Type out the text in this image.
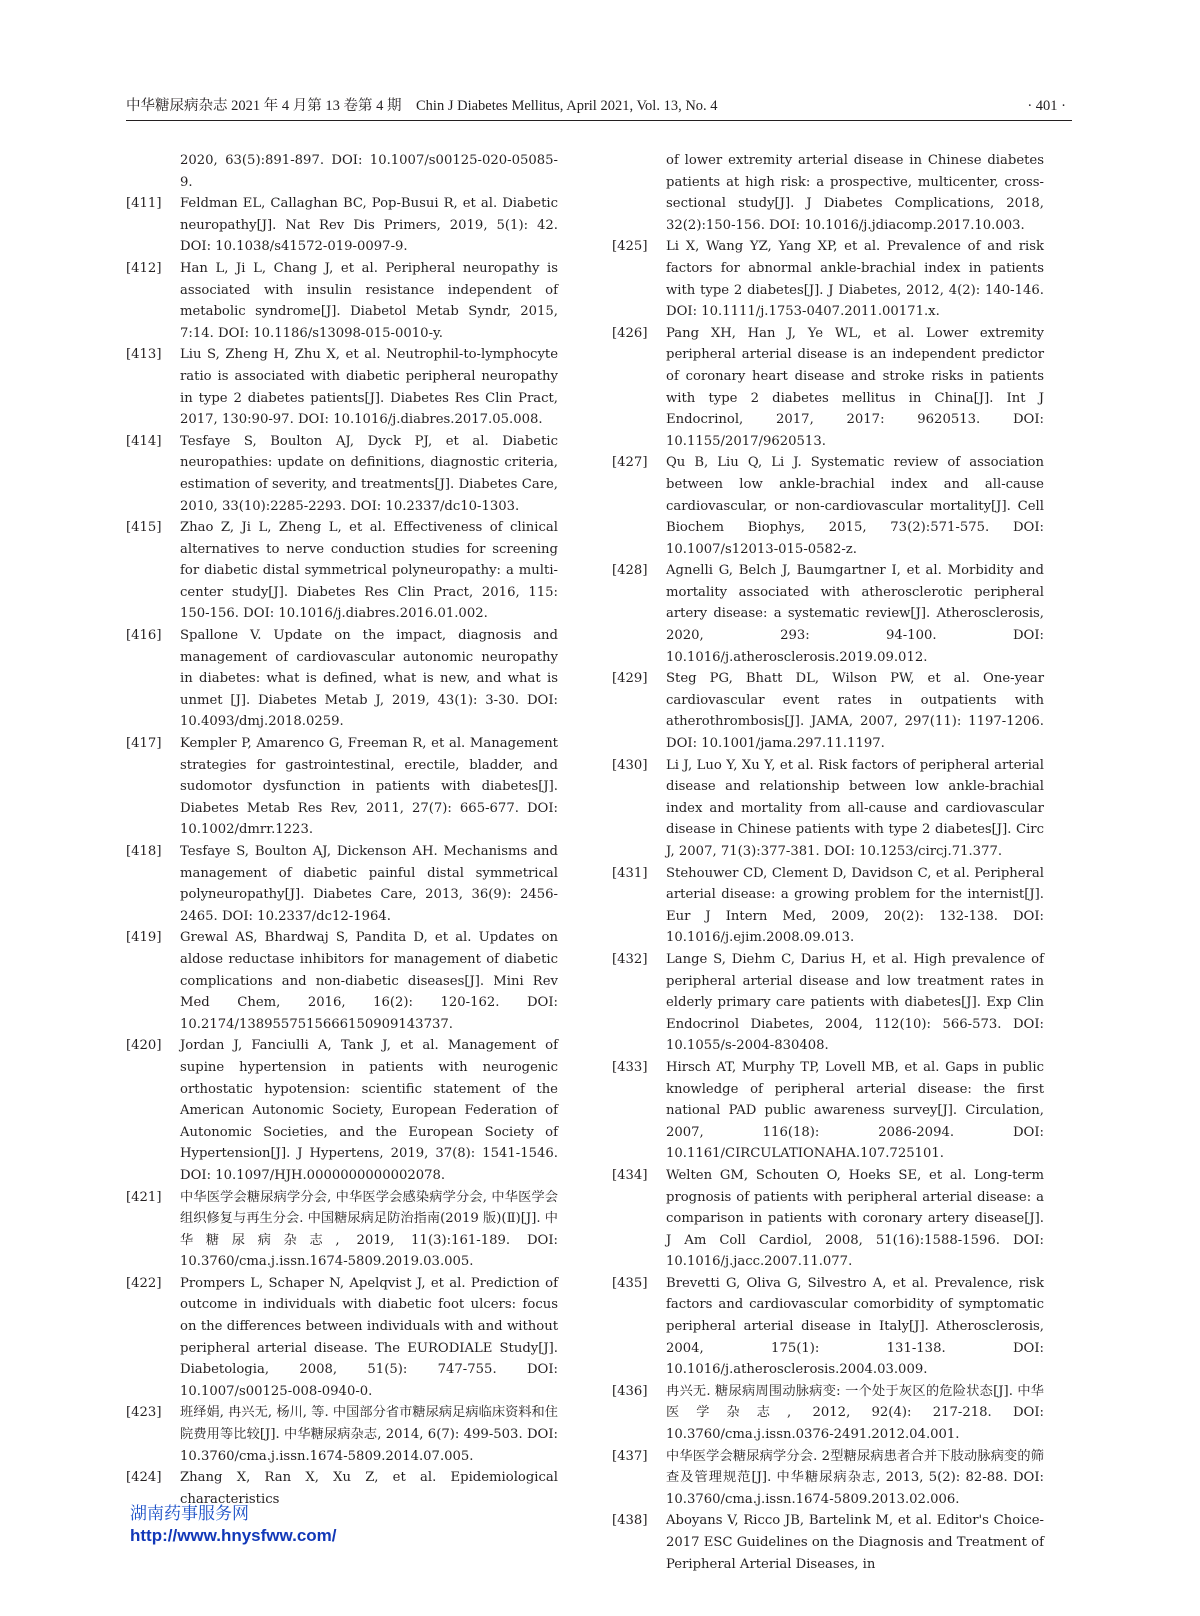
中华糖尿病杂志 2021 年 4 月第 13 卷第 4 期　Chin J Diabetes Mellitus, April 2021, Vol. 13, No. 4	· 401 ·
2020, 63(5):891-897. DOI: 10.1007/s00125-020-05085-9.
[411] Feldman EL, Callaghan BC, Pop-Busui R, et al. Diabetic neuropathy[J]. Nat Rev Dis Primers, 2019, 5(1): 42. DOI: 10.1038/s41572-019-0097-9.
[412] Han L, Ji L, Chang J, et al. Peripheral neuropathy is associated with insulin resistance independent of metabolic syndrome[J]. Diabetol Metab Syndr, 2015, 7:14. DOI: 10.1186/s13098-015-0010-y.
[413] Liu S, Zheng H, Zhu X, et al. Neutrophil-to-lymphocyte ratio is associated with diabetic peripheral neuropathy in type 2 diabetes patients[J]. Diabetes Res Clin Pract, 2017, 130:90-97. DOI: 10.1016/j.diabres.2017.05.008.
[414] Tesfaye S, Boulton AJ, Dyck PJ, et al. Diabetic neuropathies: update on definitions, diagnostic criteria, estimation of severity, and treatments[J]. Diabetes Care, 2010, 33(10):2285-2293. DOI: 10.2337/dc10-1303.
[415] Zhao Z, Ji L, Zheng L, et al. Effectiveness of clinical alternatives to nerve conduction studies for screening for diabetic distal symmetrical polyneuropathy: a multi-center study[J]. Diabetes Res Clin Pract, 2016, 115: 150-156. DOI: 10.1016/j.diabres.2016.01.002.
[416] Spallone V. Update on the impact, diagnosis and management of cardiovascular autonomic neuropathy in diabetes: what is defined, what is new, and what is unmet [J]. Diabetes Metab J, 2019, 43(1): 3-30. DOI: 10.4093/dmj.2018.0259.
[417] Kempler P, Amarenco G, Freeman R, et al. Management strategies for gastrointestinal, erectile, bladder, and sudomotor dysfunction in patients with diabetes[J]. Diabetes Metab Res Rev, 2011, 27(7): 665-677. DOI: 10.1002/dmrr.1223.
[418] Tesfaye S, Boulton AJ, Dickenson AH. Mechanisms and management of diabetic painful distal symmetrical polyneuropathy[J]. Diabetes Care, 2013, 36(9): 2456-2465. DOI: 10.2337/dc12-1964.
[419] Grewal AS, Bhardwaj S, Pandita D, et al. Updates on aldose reductase inhibitors for management of diabetic complications and non-diabetic diseases[J]. Mini Rev Med Chem, 2016, 16(2): 120-162. DOI: 10.2174/1389557515666150909143737.
[420] Jordan J, Fanciulli A, Tank J, et al. Management of supine hypertension in patients with neurogenic orthostatic hypotension: scientific statement of the American Autonomic Society, European Federation of Autonomic Societies, and the European Society of Hypertension[J]. J Hypertens, 2019, 37(8): 1541-1546. DOI: 10.1097/HJH.0000000000002078.
[421] 中华医学会糖尿病学分会, 中华医学会感染病学分会, 中华医学会组织修复与再生分会. 中国糖尿病足防治指南(2019 版)(Ⅱ)[J]. 中华糖尿病杂志, 2019, 11(3):161-189. DOI: 10.3760/cma.j.issn.1674-5809.2019.03.005.
[422] Prompers L, Schaper N, Apelqvist J, et al. Prediction of outcome in individuals with diabetic foot ulcers: focus on the differences between individuals with and without peripheral arterial disease. The EURODIALE Study[J]. Diabetologia, 2008, 51(5): 747-755. DOI: 10.1007/s00125-008-0940-0.
[423] 班绎娟, 冉兴无, 杨川, 等. 中国部分省市糖尿病足病临床资料和住院费用等比较[J]. 中华糖尿病杂志, 2014, 6(7): 499-503. DOI: 10.3760/cma.j.issn.1674-5809.2014.07.005.
[424] Zhang X, Ran X, Xu Z, et al. Epidemiological characteristics
of lower extremity arterial disease in Chinese diabetes patients at high risk: a prospective, multicenter, cross-sectional study[J]. J Diabetes Complications, 2018, 32(2):150-156. DOI: 10.1016/j.jdiacomp.2017.10.003.
[425] Li X, Wang YZ, Yang XP, et al. Prevalence of and risk factors for abnormal ankle-brachial index in patients with type 2 diabetes[J]. J Diabetes, 2012, 4(2): 140-146. DOI: 10.1111/j.1753-0407.2011.00171.x.
[426] Pang XH, Han J, Ye WL, et al. Lower extremity peripheral arterial disease is an independent predictor of coronary heart disease and stroke risks in patients with type 2 diabetes mellitus in China[J]. Int J Endocrinol, 2017, 2017: 9620513. DOI: 10.1155/2017/9620513.
[427] Qu B, Liu Q, Li J. Systematic review of association between low ankle-brachial index and all-cause cardiovascular, or non-cardiovascular mortality[J]. Cell Biochem Biophys, 2015, 73(2):571-575. DOI: 10.1007/s12013-015-0582-z.
[428] Agnelli G, Belch J, Baumgartner I, et al. Morbidity and mortality associated with atherosclerotic peripheral artery disease: a systematic review[J]. Atherosclerosis, 2020, 293: 94-100. DOI: 10.1016/j.atherosclerosis.2019.09.012.
[429] Steg PG, Bhatt DL, Wilson PW, et al. One-year cardiovascular event rates in outpatients with atherothrombosis[J]. JAMA, 2007, 297(11): 1197-1206. DOI: 10.1001/jama.297.11.1197.
[430] Li J, Luo Y, Xu Y, et al. Risk factors of peripheral arterial disease and relationship between low ankle-brachial index and mortality from all-cause and cardiovascular disease in Chinese patients with type 2 diabetes[J]. Circ J, 2007, 71(3):377-381. DOI: 10.1253/circj.71.377.
[431] Stehouwer CD, Clement D, Davidson C, et al. Peripheral arterial disease: a growing problem for the internist[J]. Eur J Intern Med, 2009, 20(2): 132-138. DOI: 10.1016/j.ejim.2008.09.013.
[432] Lange S, Diehm C, Darius H, et al. High prevalence of peripheral arterial disease and low treatment rates in elderly primary care patients with diabetes[J]. Exp Clin Endocrinol Diabetes, 2004, 112(10): 566-573. DOI: 10.1055/s-2004-830408.
[433] Hirsch AT, Murphy TP, Lovell MB, et al. Gaps in public knowledge of peripheral arterial disease: the first national PAD public awareness survey[J]. Circulation, 2007, 116(18): 2086-2094. DOI: 10.1161/CIRCULATIONAHA.107.725101.
[434] Welten GM, Schouten O, Hoeks SE, et al. Long-term prognosis of patients with peripheral arterial disease: a comparison in patients with coronary artery disease[J]. J Am Coll Cardiol, 2008, 51(16):1588-1596. DOI: 10.1016/j.jacc.2007.11.077.
[435] Brevetti G, Oliva G, Silvestro A, et al. Prevalence, risk factors and cardiovascular comorbidity of symptomatic peripheral arterial disease in Italy[J]. Atherosclerosis, 2004, 175(1): 131-138. DOI: 10.1016/j.atherosclerosis.2004.03.009.
[436] 冉兴无. 糖尿病周围动脉病变: 一个处于灰区的危险状态[J]. 中华医学杂志, 2012, 92(4): 217-218. DOI: 10.3760/cma.j.issn.0376-2491.2012.04.001.
[437] 中华医学会糖尿病学分会. 2型糖尿病患者合并下肢动脉病变的筛查及管理规范[J]. 中华糖尿病杂志, 2013, 5(2): 82-88. DOI: 10.3760/cma.j.issn.1674-5809.2013.02.006.
[438] Aboyans V, Ricco JB, Bartelink M, et al. Editor's Choice-2017 ESC Guidelines on the Diagnosis and Treatment of Peripheral Arterial Diseases, in
湖南药事服务网
http://www.hnysfww.com/
